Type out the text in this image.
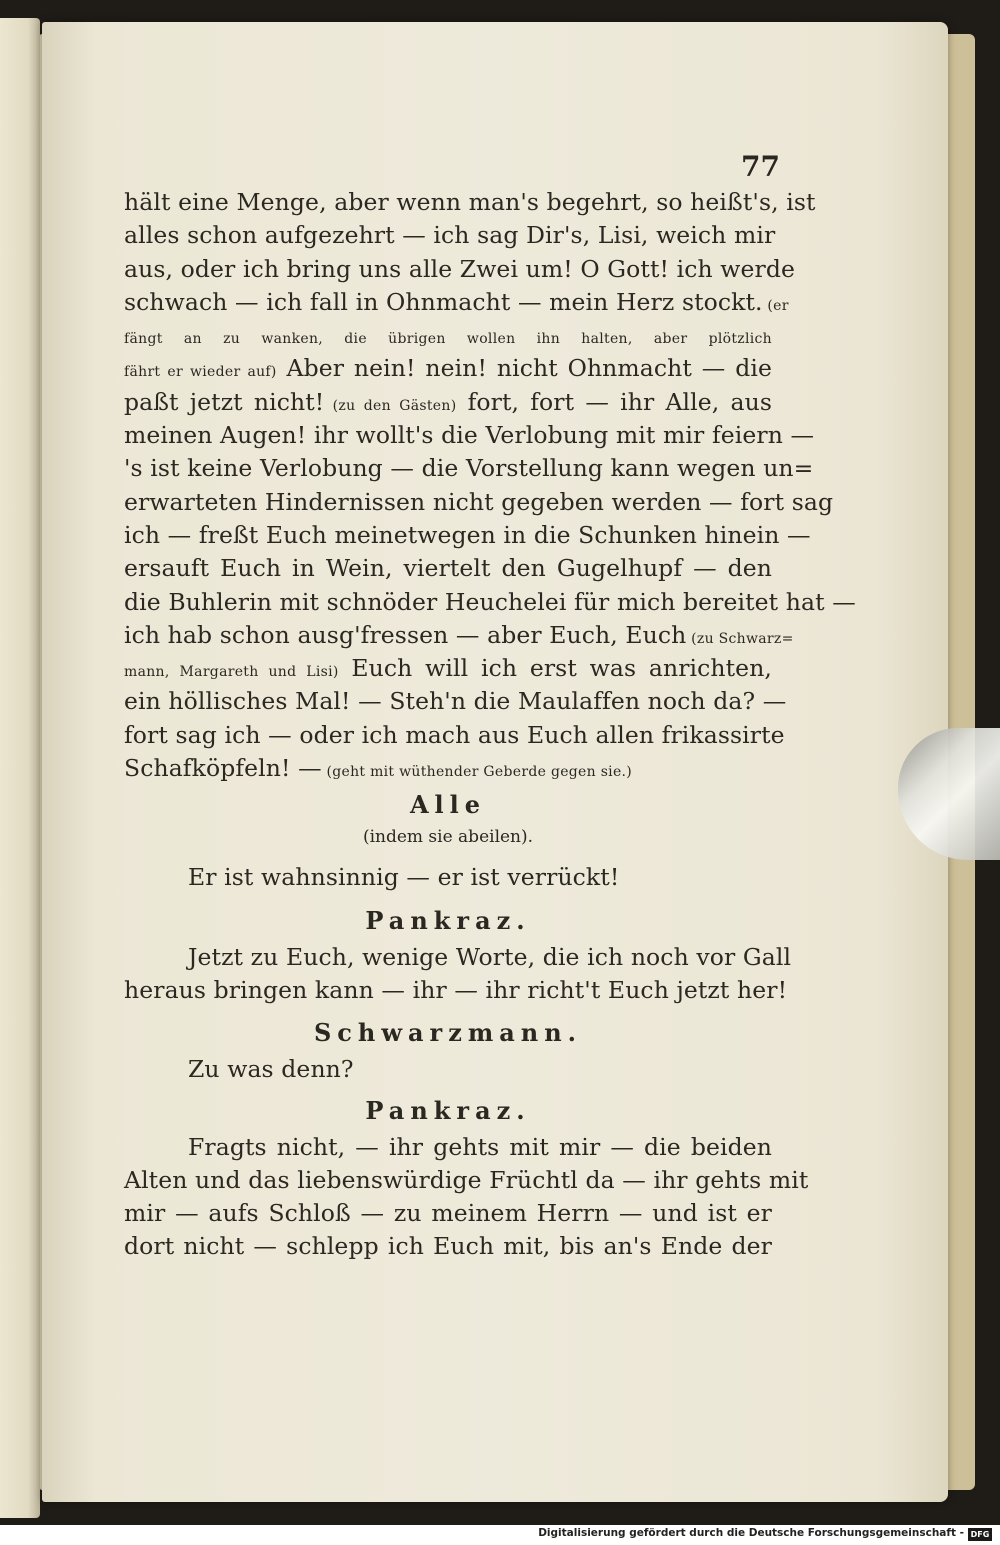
77
hält eine Menge, aber wenn man's begehrt, so heißt's, ist
alles schon aufgezehrt — ich sag Dir's, Lisi, weich mir
aus, oder ich bring uns alle Zwei um! O Gott! ich werde
schwach — ich fall in Ohnmacht — mein Herz stockt. (er
fängt an zu wanken, die übrigen wollen ihn halten, aber plötzlich
fährt er wieder auf) Aber nein! nein! nicht Ohnmacht — die
paßt jetzt nicht! (zu den Gästen) fort, fort — ihr Alle, aus
meinen Augen! ihr wollt's die Verlobung mit mir feiern —
's ist keine Verlobung — die Vorstellung kann wegen un=
erwarteten Hindernissen nicht gegeben werden — fort sag
ich — freßt Euch meinetwegen in die Schunken hinein —
ersauft Euch in Wein, viertelt den Gugelhupf — den
die Buhlerin mit schnöder Heuchelei für mich bereitet hat —
ich hab schon ausg'fressen — aber Euch, Euch (zu Schwarz=
mann, Margareth und Lisi) Euch will ich erst was anrichten,
ein höllisches Mal! — Steh'n die Maulaffen noch da? —
fort sag ich — oder ich mach aus Euch allen frikassirte
Schafköpfeln! — (geht mit wüthender Geberde gegen sie.)
Alle
(indem sie abeilen).
Er ist wahnsinnig — er ist verrückt!
Pankraz.
Jetzt zu Euch, wenige Worte, die ich noch vor Gall
heraus bringen kann — ihr — ihr richt't Euch jetzt her!
Schwarzmann.
Zu was denn?
Pankraz.
Fragts nicht, — ihr gehts mit mir — die beiden
Alten und das liebenswürdige Früchtl da — ihr gehts mit
mir — aufs Schloß — zu meinem Herrn — und ist er
dort nicht — schlepp ich Euch mit, bis an's Ende der
Digitalisierung gefördert durch die Deutsche Forschungsgemeinschaft - DFG
